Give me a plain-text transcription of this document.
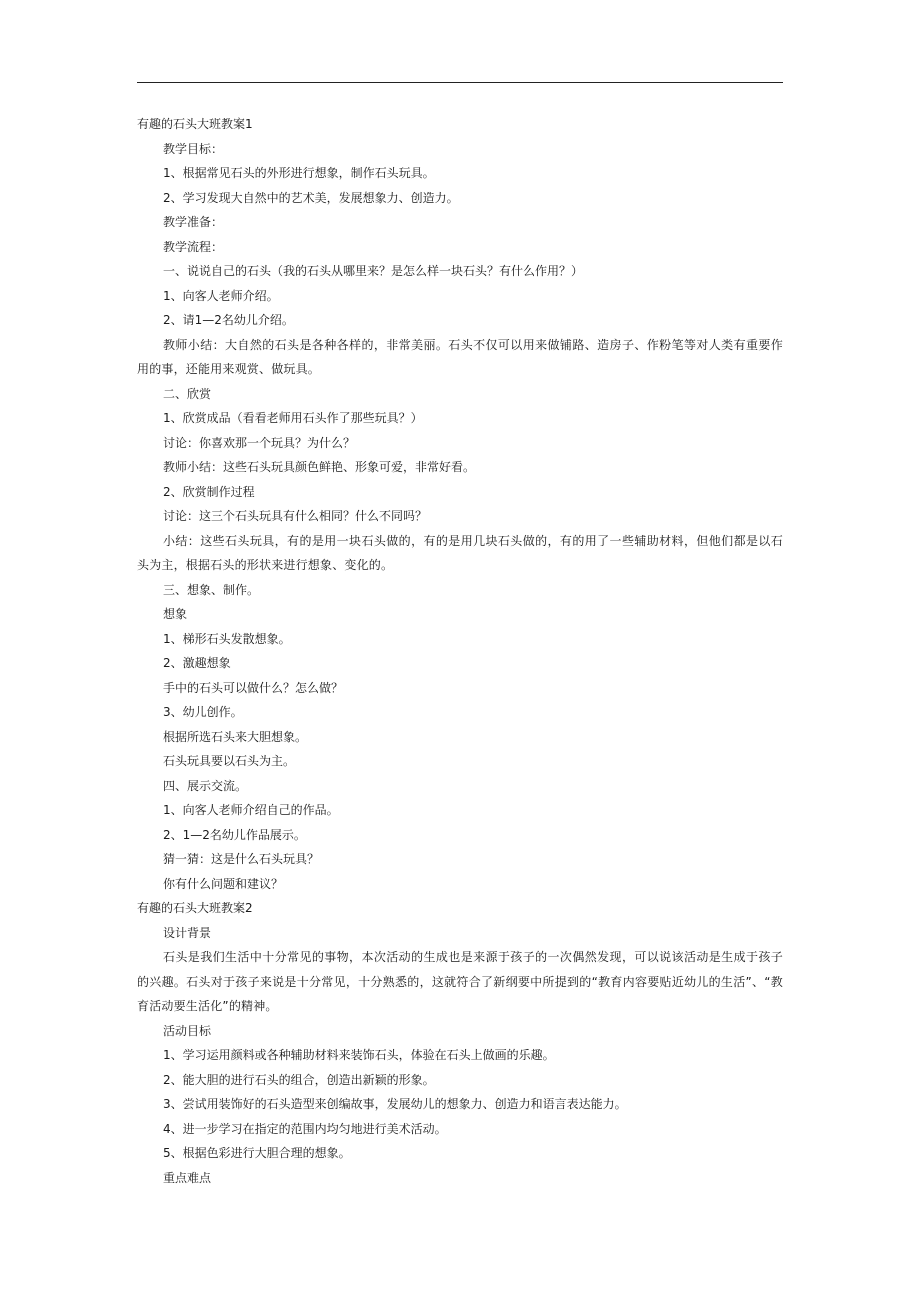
有趣的石头大班教案1

教学目标：

1、根据常见石头的外形进行想象，制作石头玩具。

2、学习发现大自然中的艺术美，发展想象力、创造力。

教学准备：

教学流程：

一、说说自己的石头（我的石头从哪里来？是怎么样一块石头？有什么作用？）

1、向客人老师介绍。

2、请1—2名幼儿介绍。

教师小结：大自然的石头是各种各样的，非常美丽。石头不仅可以用来做铺路、造房子、作粉笔等对人类有重要作用的事，还能用来观赏、做玩具。

二、欣赏

1、欣赏成品（看看老师用石头作了那些玩具？）

讨论：你喜欢那一个玩具？为什么？

教师小结：这些石头玩具颜色鲜艳、形象可爱，非常好看。

2、欣赏制作过程

讨论：这三个石头玩具有什么相同？什么不同吗？

小结：这些石头玩具，有的是用一块石头做的，有的是用几块石头做的，有的用了一些辅助材料，但他们都是以石头为主，根据石头的形状来进行想象、变化的。

三、想象、制作。

想象

1、梯形石头发散想象。

2、激趣想象

手中的石头可以做什么？怎么做？

3、幼儿创作。

根据所选石头来大胆想象。

石头玩具要以石头为主。

四、展示交流。

1、向客人老师介绍自己的作品。

2、1—2名幼儿作品展示。

猜一猜：这是什么石头玩具？

你有什么问题和建议？

有趣的石头大班教案2

设计背景

石头是我们生活中十分常见的事物，本次活动的生成也是来源于孩子的一次偶然发现，可以说该活动是生成于孩子的兴趣。石头对于孩子来说是十分常见，十分熟悉的，这就符合了新纲要中所提到的“教育内容要贴近幼儿的生活”、“教育活动要生活化”的精神。

活动目标

1、学习运用颜料或各种辅助材料来装饰石头，体验在石头上做画的乐趣。

2、能大胆的进行石头的组合，创造出新颖的形象。

3、尝试用装饰好的石头造型来创编故事，发展幼儿的想象力、创造力和语言表达能力。

4、进一步学习在指定的范围内均匀地进行美术活动。

5、根据色彩进行大胆合理的想象。

重点难点
